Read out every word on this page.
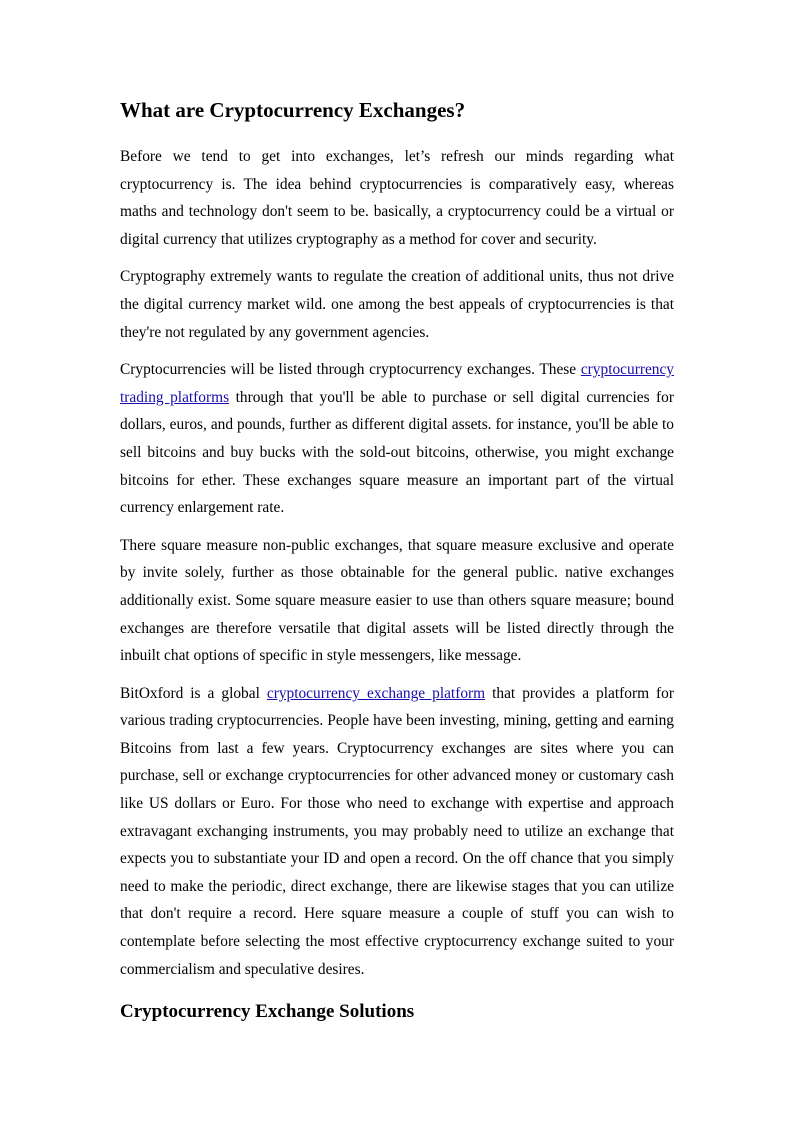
What are Cryptocurrency Exchanges?

Before we tend to get into exchanges, let’s refresh our minds regarding what cryptocurrency is. The idea behind cryptocurrencies is comparatively easy, whereas maths and technology don't seem to be. basically, a cryptocurrency could be a virtual or digital currency that utilizes cryptography as a method for cover and security.

Cryptography extremely wants to regulate the creation of additional units, thus not drive the digital currency market wild. one among the best appeals of cryptocurrencies is that they're not regulated by any government agencies.

Cryptocurrencies will be listed through cryptocurrency exchanges. These cryptocurrency trading platforms through that you'll be able to purchase or sell digital currencies for dollars, euros, and pounds, further as different digital assets. for instance, you'll be able to sell bitcoins and buy bucks with the sold-out bitcoins, otherwise, you might exchange bitcoins for ether. These exchanges square measure an important part of the virtual currency enlargement rate.

There square measure non-public exchanges, that square measure exclusive and operate by invite solely, further as those obtainable for the general public. native exchanges additionally exist. Some square measure easier to use than others square measure; bound exchanges are therefore versatile that digital assets will be listed directly through the inbuilt chat options of specific in style messengers, like message.

BitOxford is a global cryptocurrency exchange platform that provides a platform for various trading cryptocurrencies. People have been investing, mining, getting and earning Bitcoins from last a few years. Cryptocurrency exchanges are sites where you can purchase, sell or exchange cryptocurrencies for other advanced money or customary cash like US dollars or Euro. For those who need to exchange with expertise and approach extravagant exchanging instruments, you may probably need to utilize an exchange that expects you to substantiate your ID and open a record. On the off chance that you simply need to make the periodic, direct exchange, there are likewise stages that you can utilize that don't require a record. Here square measure a couple of stuff you can wish to contemplate before selecting the most effective cryptocurrency exchange suited to your commercialism and speculative desires.

Cryptocurrency Exchange Solutions
